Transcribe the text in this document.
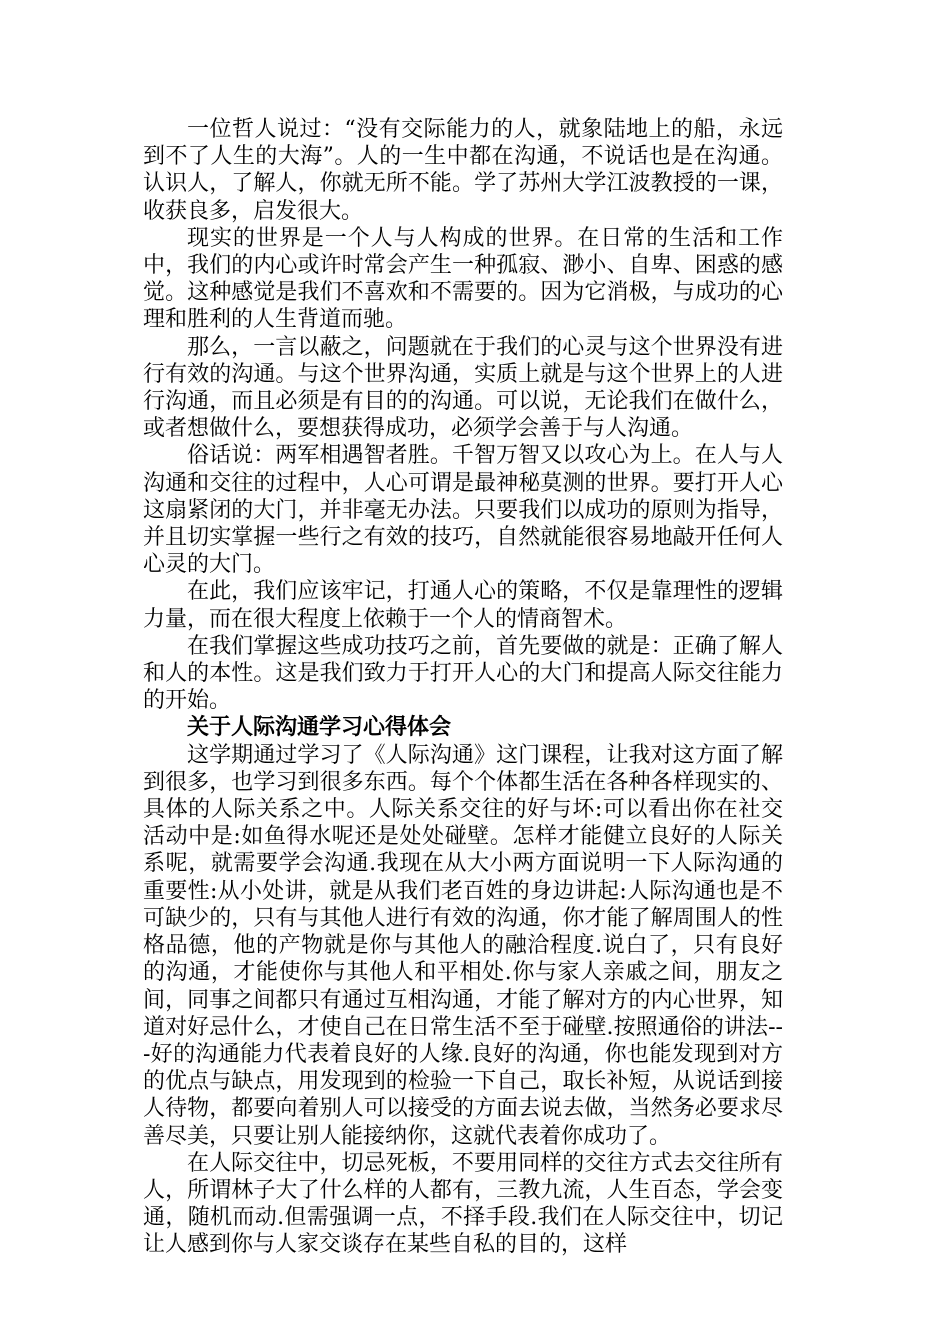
一位哲人说过：“没有交际能力的人，就象陆地上的船，永远到不了人生的大海”。人的一生中都在沟通，不说话也是在沟通。认识人，了解人，你就无所不能。学了苏州大学江波教授的一课，收获良多，启发很大。

现实的世界是一个人与人构成的世界。在日常的生活和工作中，我们的内心或许时常会产生一种孤寂、渺小、自卑、困惑的感觉。这种感觉是我们不喜欢和不需要的。因为它消极，与成功的心理和胜利的人生背道而驰。

那么，一言以蔽之，问题就在于我们的心灵与这个世界没有进行有效的沟通。与这个世界沟通，实质上就是与这个世界上的人进行沟通，而且必须是有目的的沟通。可以说，无论我们在做什么，或者想做什么，要想获得成功，必须学会善于与人沟通。

俗话说：两军相遇智者胜。千智万智又以攻心为上。在人与人沟通和交往的过程中，人心可谓是最神秘莫测的世界。要打开人心这扇紧闭的大门，并非毫无办法。只要我们以成功的原则为指导，并且切实掌握一些行之有效的技巧，自然就能很容易地敲开任何人心灵的大门。

在此，我们应该牢记，打通人心的策略，不仅是靠理性的逻辑力量，而在很大程度上依赖于一个人的情商智术。

在我们掌握这些成功技巧之前，首先要做的就是：正确了解人和人的本性。这是我们致力于打开人心的大门和提高人际交往能力的开始。

关于人际沟通学习心得体会

这学期通过学习了《人际沟通》这门课程，让我对这方面了解到很多，也学习到很多东西。每个个体都生活在各种各样现实的、具体的人际关系之中。人际关系交往的好与坏:可以看出你在社交活动中是:如鱼得水呢还是处处碰壁。怎样才能健立良好的人际关系呢，就需要学会沟通.我现在从大小两方面说明一下人际沟通的重要性:从小处讲，就是从我们老百姓的身边讲起:人际沟通也是不可缺少的，只有与其他人进行有效的沟通，你才能了解周围人的性格品德，他的产物就是你与其他人的融洽程度.说白了，只有良好的沟通，才能使你与其他人和平相处.你与家人亲戚之间，朋友之间，同事之间都只有通过互相沟通，才能了解对方的内心世界，知道对好忌什么，才使自己在日常生活不至于碰壁.按照通俗的讲法---好的沟通能力代表着良好的人缘.良好的沟通，你也能发现到对方的优点与缺点，用发现到的检验一下自己，取长补短，从说话到接人待物，都要向着别人可以接受的方面去说去做，当然务必要求尽善尽美，只要让别人能接纳你，这就代表着你成功了。

在人际交往中，切忌死板，不要用同样的交往方式去交往所有人，所谓林子大了什么样的人都有，三教九流，人生百态，学会变通，随机而动.但需强调一点，不择手段.我们在人际交往中，切记让人感到你与人家交谈存在某些自私的目的，这样
